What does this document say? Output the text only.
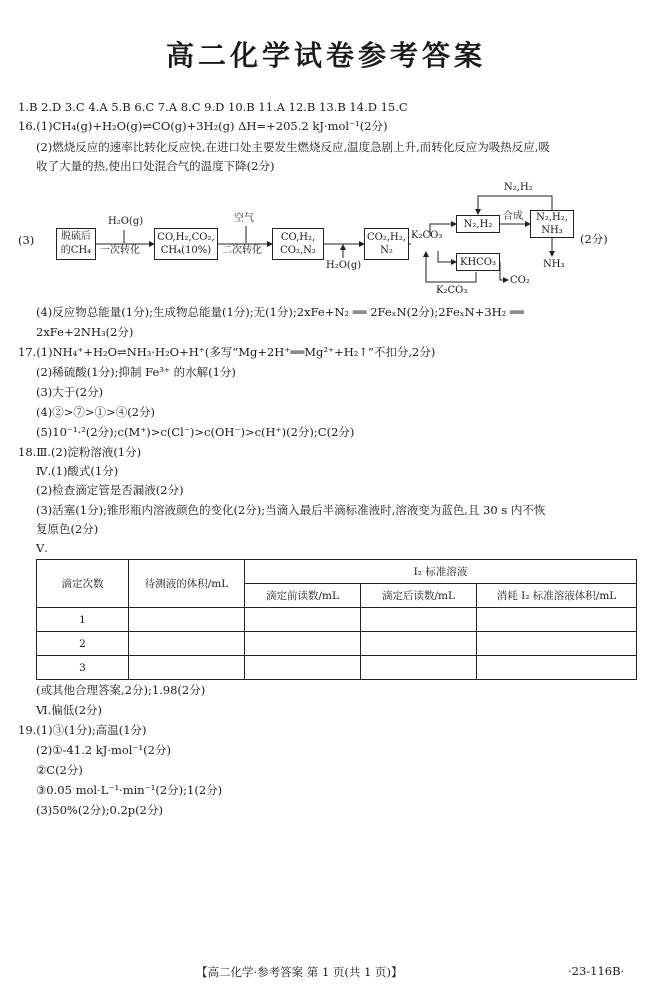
高二化学试卷参考答案
1.B 2.D 3.C 4.A 5.B 6.C 7.A 8.C 9.D 10.B 11.A 12.B 13.B 14.D 15.C
16.(1)CH₄(g)+H₂O(g)⇌CO(g)+3H₂(g) ΔH=+205.2 kJ·mol⁻¹(2分)
(2)燃烧反应的速率比转化反应快,在进口处主要发生燃烧反应,温度急剧上升,而转化反应为吸热反应,吸
收了大量的热,使出口处混合气的温度下降(2分)
(3)	脱硫后的CH₄
H₂O(g)
一次转化
CO,H₂,CO₂,
CH₄(10%)
空气
二次转化
CO,H₂,
CO₂,N₂
H₂O(g)
CO₂,H₂,
N₂
K₂CO₃
N₂,H₂
N₂,H₂
合成 N₂,H₂,
NH₃
(2分)
KHCO₃
K₂CO₃
CO₂
NH₃
(4)反应物总能量(1分);生成物总能量(1分);无(1分);2xFe+N₂ ══ 2FeₓN(2分);2FeₓN+3H₂ ══
2xFe+2NH₃(2分)
17.(1)NH₄⁺+H₂O⇌NH₃·H₂O+H⁺(多写“Mg+2H⁺══Mg²⁺+H₂↑”不扣分,2分)
(2)稀硫酸(1分);抑制 Fe³⁺ 的水解(1分)
(3)大于(2分)
(4)②>⑦>①>④(2分)
(5)10⁻¹·²(2分);c(M⁺)>c(Cl⁻)>c(OH⁻)>c(H⁺)(2分);C(2分)
18.Ⅲ.(2)淀粉溶液(1分)
Ⅳ.(1)酸式(1分)
(2)检查滴定管是否漏液(2分)
(3)活塞(1分);锥形瓶内溶液颜色的变化(2分);当滴入最后半滴标准液时,溶液变为蓝色,且 30 s 内不恢
复原色(2分)
Ⅴ.
滴定次数	待测液的体积/mL	I₂ 标准溶液		
		滴定前读数/mL	滴定后读数/mL	消耗 I₂ 标准溶液体积/mL
1				
2				
3				
(或其他合理答案,2分);1.98(2分)
Ⅵ.偏低(2分)
19.(1)③(1分);高温(1分)
(2)①-41.2 kJ·mol⁻¹(2分)
②C(2分)
③0.05 mol·L⁻¹·min⁻¹(2分);1(2分)
(3)50%(2分);0.2p(2分)
【高二化学·参考答案 第 1 页(共 1 页)】	·23-116B·
